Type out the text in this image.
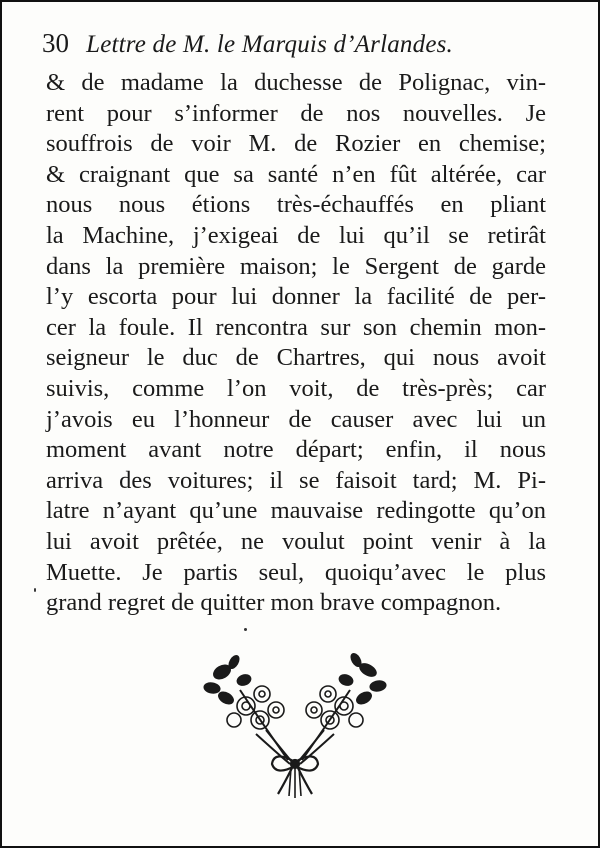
30 Lettre de M. le Marquis d’Arlandes.
& de madame la duchesse de Polignac, vin-
rent pour s’informer de nos nouvelles. Je
souffrois de voir M. de Rozier en chemise;
& craignant que sa santé n’en fût altérée, car
nous nous étions très-échauffés en pliant
la Machine, j’exigeai de lui qu’il se retirât
dans la première maison; le Sergent de garde
l’y escorta pour lui donner la facilité de per-
cer la foule. Il rencontra sur son chemin mon-
seigneur le duc de Chartres, qui nous avoit
suivis, comme l’on voit, de très-près; car
j’avois eu l’honneur de causer avec lui un
moment avant notre départ; enfin, il nous
arriva des voitures; il se faisoit tard; M. Pi-
latre n’ayant qu’une mauvaise redingotte qu’on
lui avoit prêtée, ne voulut point venir à la
Muette. Je partis seul, quoiqu’avec le plus
grand regret de quitter mon brave compagnon.
